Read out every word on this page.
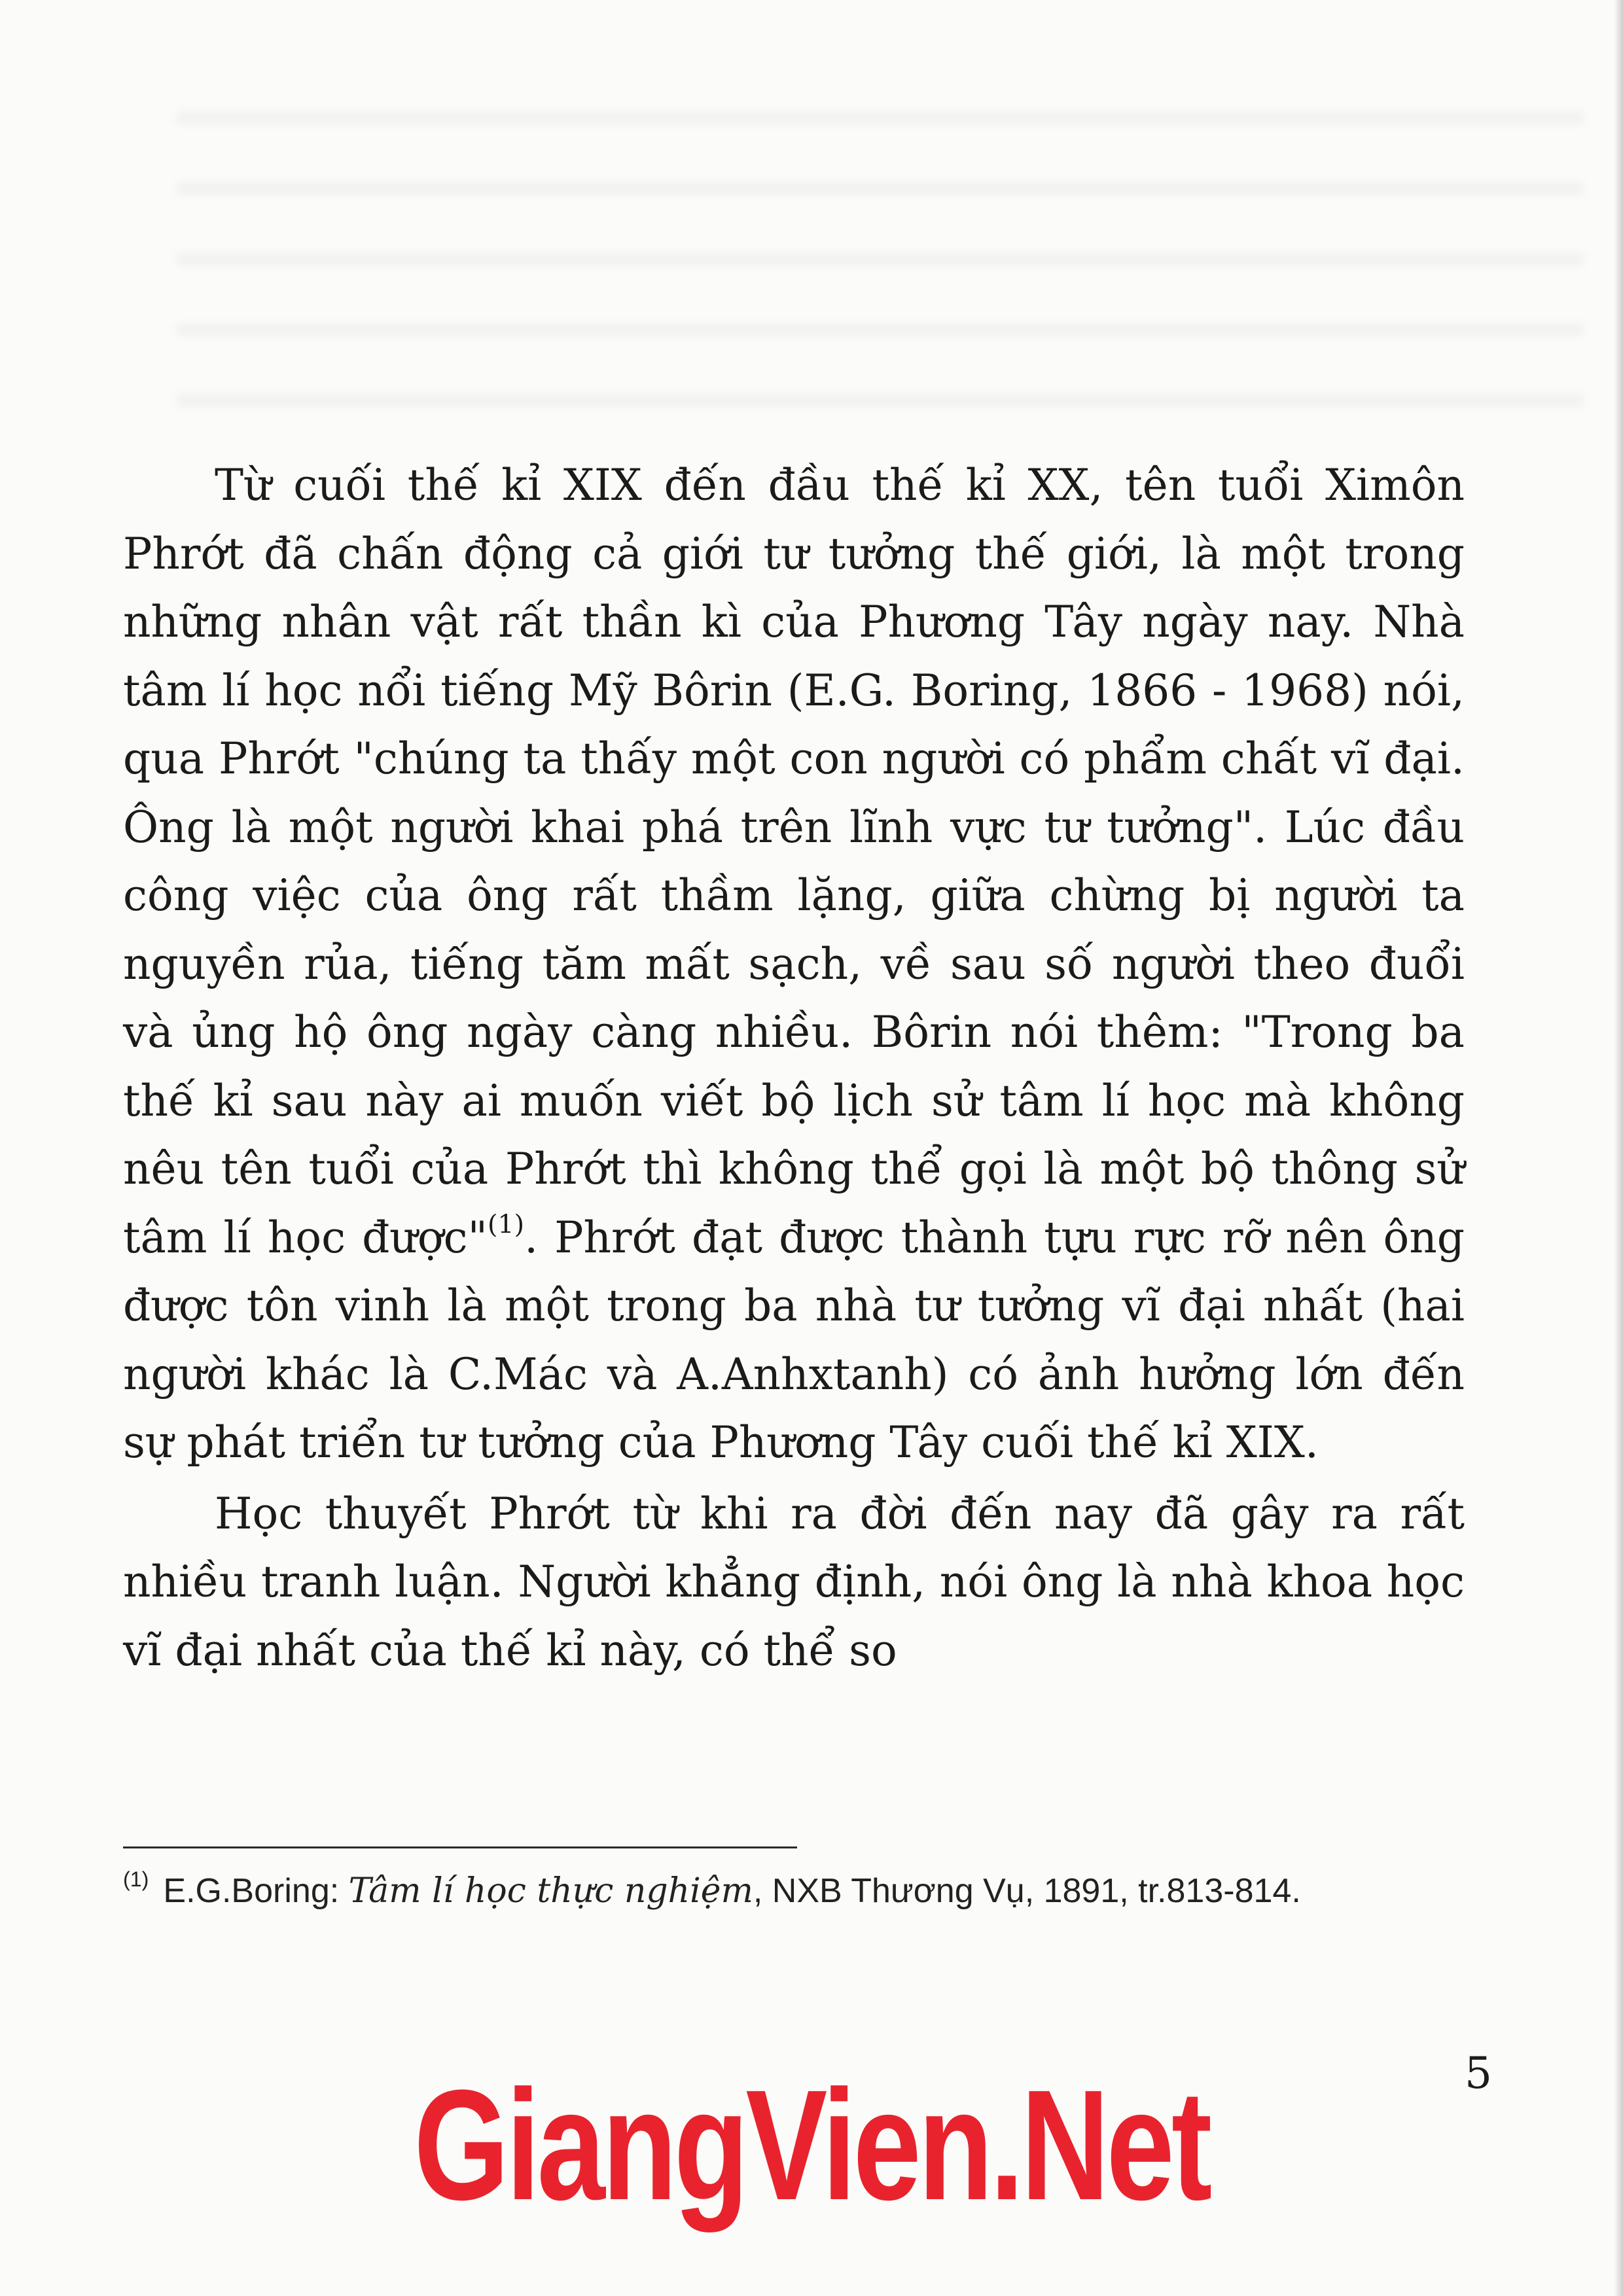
Từ cuối thế kỉ XIX đến đầu thế kỉ XX, tên tuổi Ximôn Phrớt đã chấn động cả giới tư tưởng thế giới, là một trong những nhân vật rất thần kì của Phương Tây ngày nay. Nhà tâm lí học nổi tiếng Mỹ Bôrin (E.G. Boring, 1866 - 1968) nói, qua Phrớt "chúng ta thấy một con người có phẩm chất vĩ đại. Ông là một người khai phá trên lĩnh vực tư tưởng". Lúc đầu công việc của ông rất thầm lặng, giữa chừng bị người ta nguyền rủa, tiếng tăm mất sạch, về sau số người theo đuổi và ủng hộ ông ngày càng nhiều. Bôrin nói thêm: "Trong ba thế kỉ sau này ai muốn viết bộ lịch sử tâm lí học mà không nêu tên tuổi của Phrớt thì không thể gọi là một bộ thông sử tâm lí học được"$^{(1)}$. Phrớt đạt được thành tựu rực rỡ nên ông được tôn vinh là một trong ba nhà tư tưởng vĩ đại nhất (hai người khác là C.Mác và A.Anhxtanh) có ảnh hưởng lớn đến sự phát triển tư tưởng của Phương Tây cuối thế kỉ XIX.

Học thuyết Phrớt từ khi ra đời đến nay đã gây ra rất nhiều tranh luận. Người khẳng định, nói ông là nhà khoa học vĩ đại nhất của thế kỉ này, có thể so

$^{(1)}$ E.G.Boring: Tâm lí học thực nghiệm, NXB Thương Vụ, 1891, tr.813-814.

5
GiangVien.Net
